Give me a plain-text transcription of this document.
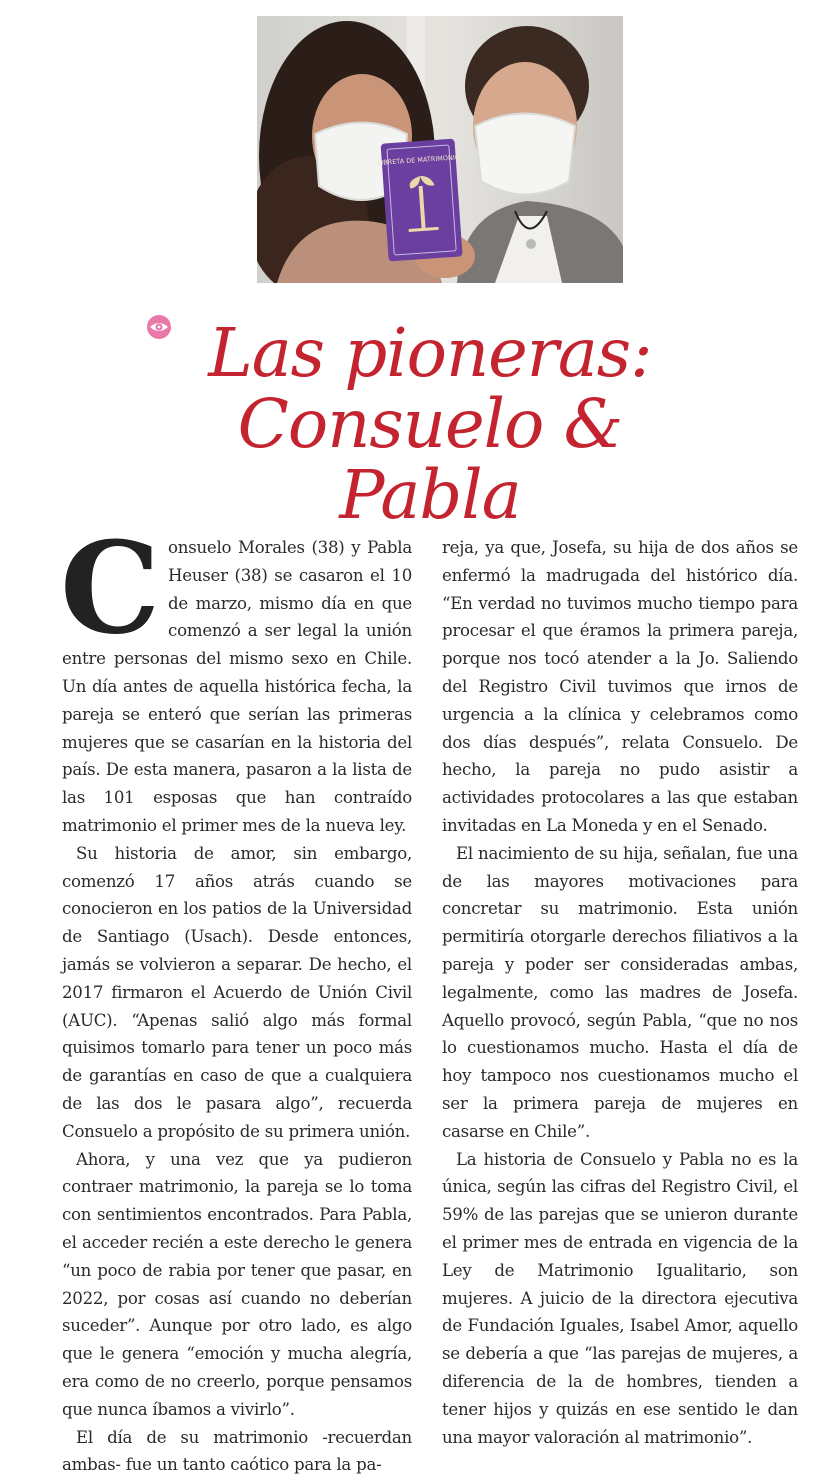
LIBRETA DE MATRIMONIO
Las pioneras:
Consuelo & Pabla

Consuelo Morales (38) y Pabla Heuser (38) se casaron el 10 de marzo, mismo día en que comenzó a ser legal la unión entre personas del mismo sexo en Chile. Un día antes de aquella histórica fecha, la pareja se enteró que serían las primeras mujeres que se casarían en la historia del país. De esta manera, pasaron a la lista de las 101 esposas que han contraído matrimonio el primer mes de la nueva ley.

Su historia de amor, sin embargo, comenzó 17 años atrás cuando se conocieron en los patios de la Universidad de Santiago (Usach). Desde entonces, jamás se volvieron a separar. De hecho, el 2017 firmaron el Acuerdo de Unión Civil (AUC). “Apenas salió algo más formal quisimos tomarlo para tener un poco más de garantías en caso de que a cualquiera de las dos le pasara algo”, recuerda Consuelo a propósito de su primera unión.

Ahora, y una vez que ya pudieron contraer matrimonio, la pareja se lo toma con sentimientos encontrados. Para Pabla, el acceder recién a este derecho le genera “un poco de rabia por tener que pasar, en 2022, por cosas así cuando no deberían suceder”. Aunque por otro lado, es algo que le genera “emoción y mucha alegría, era como de no creerlo, porque pensamos que nunca íbamos a vivirlo”.

El día de su matrimonio -recuerdan ambas- fue un tanto caótico para la pa-

reja, ya que, Josefa, su hija de dos años se enfermó la madrugada del histórico día. “En verdad no tuvimos mucho tiempo para procesar el que éramos la primera pareja, porque nos tocó atender a la Jo. Saliendo del Registro Civil tuvimos que irnos de urgencia a la clínica y celebramos como dos días después”, relata Consuelo. De hecho, la pareja no pudo asistir a actividades protocolares a las que estaban invitadas en La Moneda y en el Senado.

El nacimiento de su hija, señalan, fue una de las mayores motivaciones para concretar su matrimonio. Esta unión permitiría otorgarle derechos filiativos a la pareja y poder ser consideradas ambas, legalmente, como las madres de Josefa. Aquello provocó, según Pabla, “que no nos lo cuestionamos mucho. Hasta el día de hoy tampoco nos cuestionamos mucho el ser la primera pareja de mujeres en casarse en Chile”.

La historia de Consuelo y Pabla no es la única, según las cifras del Registro Civil, el 59% de las parejas que se unieron durante el primer mes de entrada en vigencia de la Ley de Matrimonio Igualitario, son mujeres. A juicio de la directora ejecutiva de Fundación Iguales, Isabel Amor, aquello se debería a que “las parejas de mujeres, a diferencia de la de hombres, tienden a tener hijos y quizás en ese sentido le dan una mayor valoración al matrimonio”.
